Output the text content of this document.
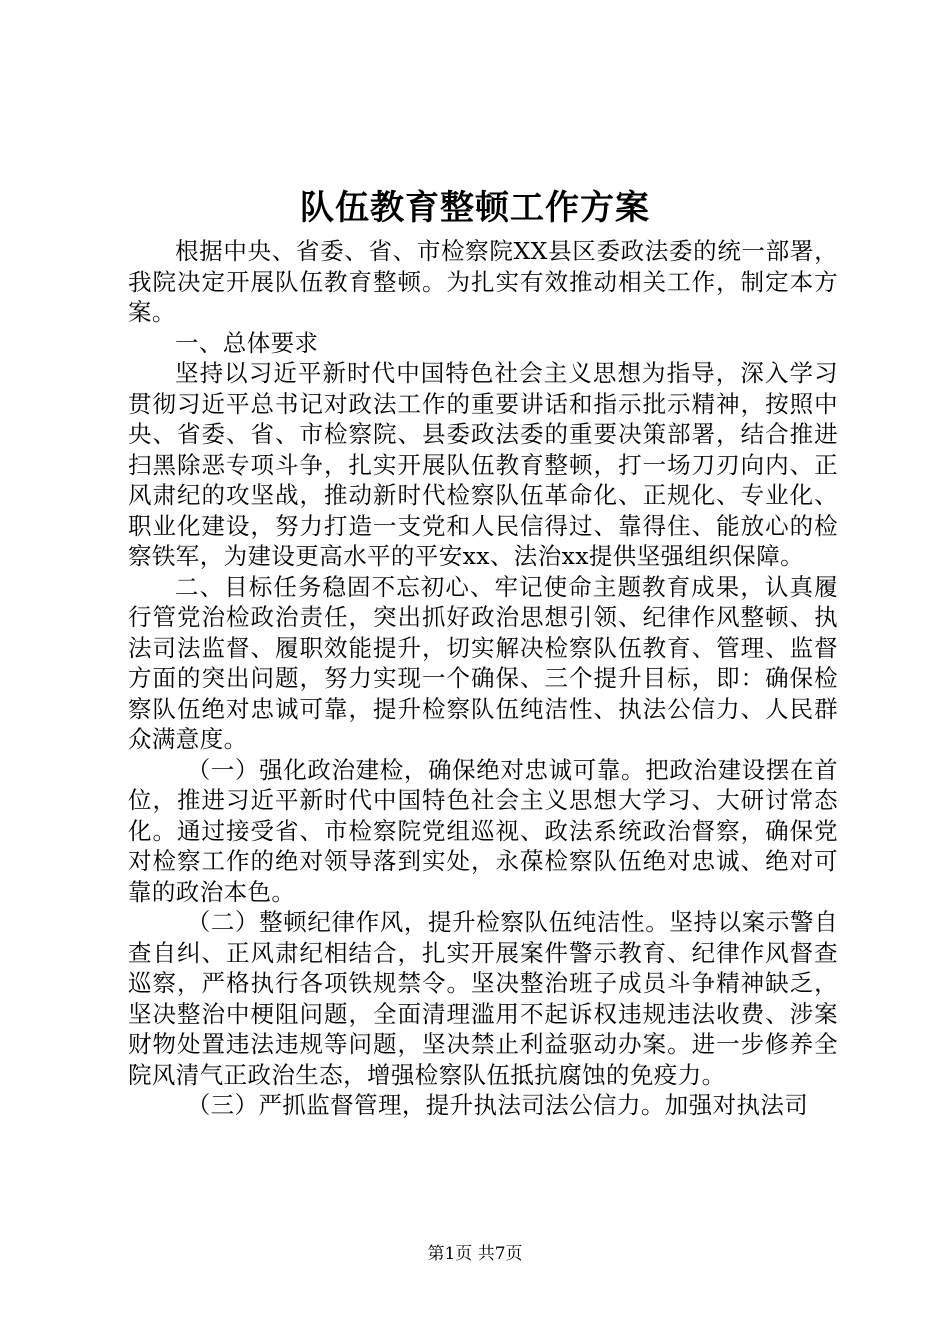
队伍教育整顿工作方案

根据中央、省委、省、市检察院XX县区委政法委的统一部署，我院决定开展队伍教育整顿。为扎实有效推动相关工作，制定本方案。

一、总体要求

坚持以习近平新时代中国特色社会主义思想为指导，深入学习贯彻习近平总书记对政法工作的重要讲话和指示批示精神，按照中央、省委、省、市检察院、县委政法委的重要决策部署，结合推进扫黑除恶专项斗争，扎实开展队伍教育整顿，打一场刀刃向内、正风肃纪的攻坚战，推动新时代检察队伍革命化、正规化、专业化、职业化建设，努力打造一支党和人民信得过、靠得住、能放心的检察铁军，为建设更高水平的平安xx、法治xx提供坚强组织保障。

二、目标任务稳固不忘初心、牢记使命主题教育成果，认真履行管党治检政治责任，突出抓好政治思想引领、纪律作风整顿、执法司法监督、履职效能提升，切实解决检察队伍教育、管理、监督方面的突出问题，努力实现一个确保、三个提升目标，即：确保检察队伍绝对忠诚可靠，提升检察队伍纯洁性、执法公信力、人民群众满意度。

（一）强化政治建检，确保绝对忠诚可靠。把政治建设摆在首位，推进习近平新时代中国特色社会主义思想大学习、大研讨常态化。通过接受省、市检察院党组巡视、政法系统政治督察，确保党对检察工作的绝对领导落到实处，永葆检察队伍绝对忠诚、绝对可靠的政治本色。

（二）整顿纪律作风，提升检察队伍纯洁性。坚持以案示警自查自纠、正风肃纪相结合，扎实开展案件警示教育、纪律作风督查巡察，严格执行各项铁规禁令。坚决整治班子成员斗争精神缺乏，坚决整治中梗阻问题，全面清理滥用不起诉权违规违法收费、涉案财物处置违法违规等问题，坚决禁止利益驱动办案。进一步修养全院风清气正政治生态，增强检察队伍抵抗腐蚀的免疫力。

（三）严抓监督管理，提升执法司法公信力。加强对执法司

第1页 共7页
